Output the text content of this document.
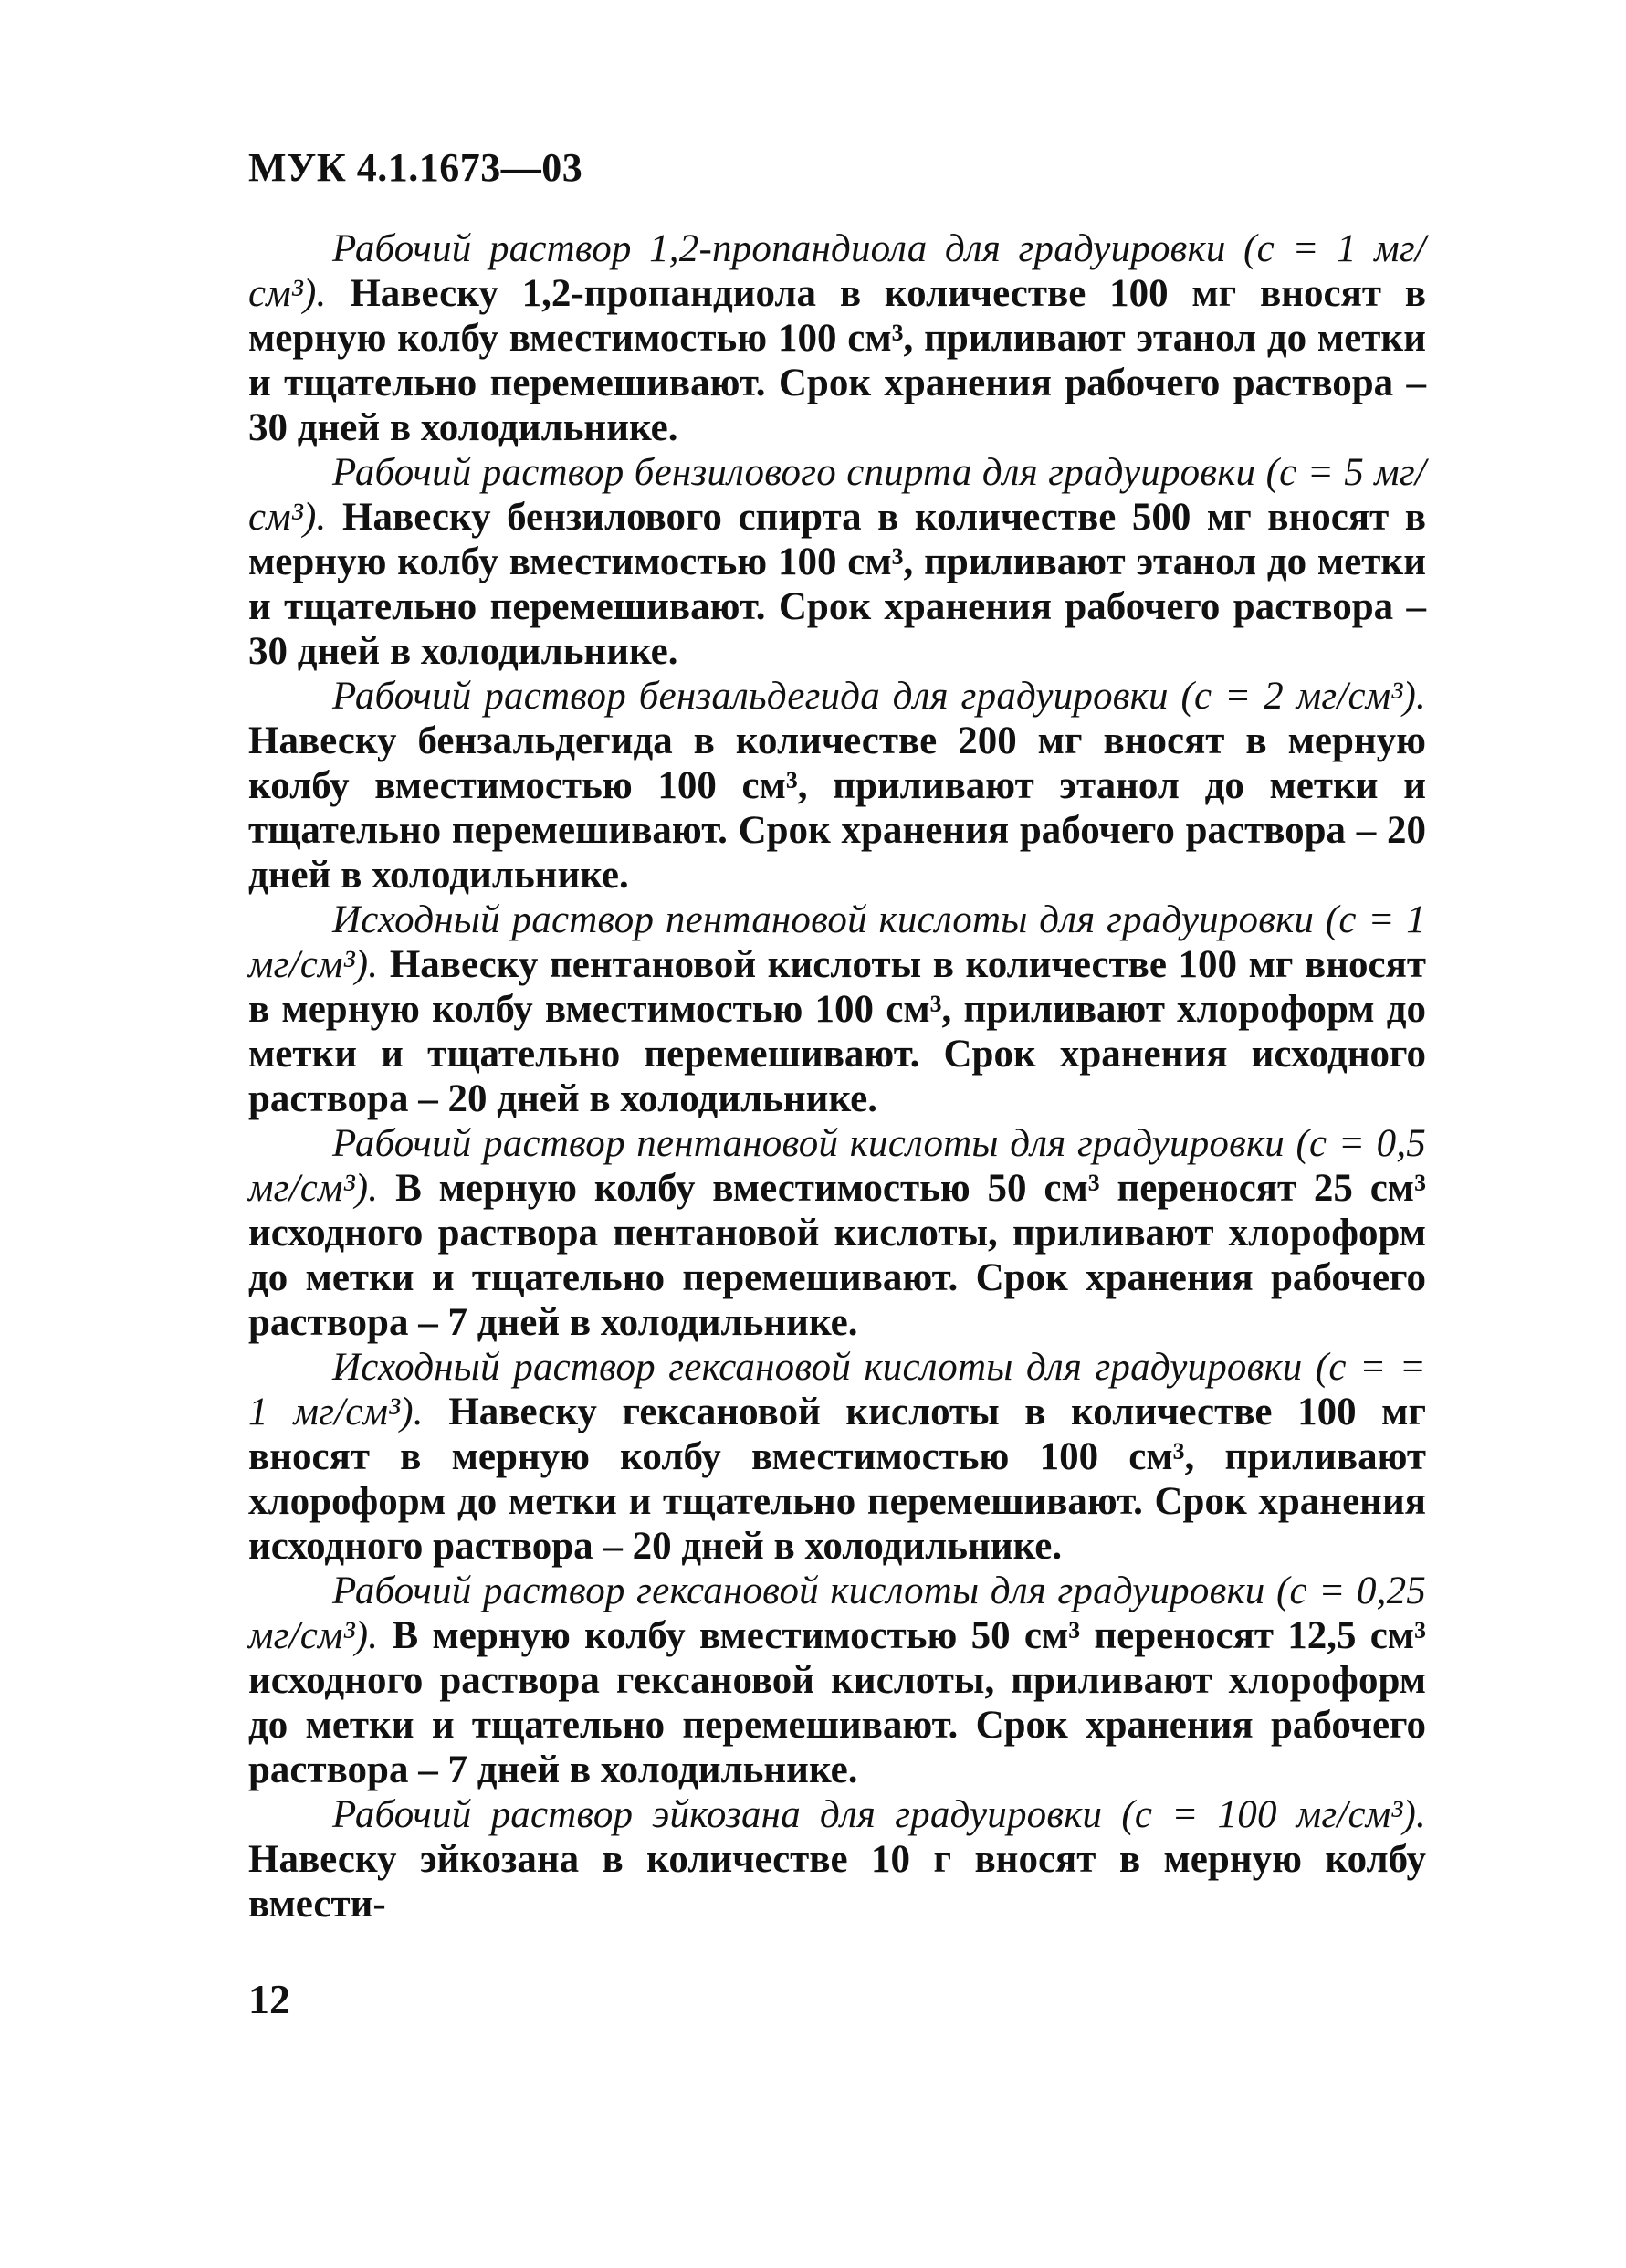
МУК 4.1.1673—03

Рабочий раствор 1,2-пропандиола для градуировки (с = 1 мг/см³). Навеску 1,2-пропандиола в количестве 100 мг вносят в мерную колбу вместимостью 100 см³, приливают этанол до метки и тщательно перемешивают. Срок хранения рабочего раствора – 30 дней в холодильнике.

Рабочий раствор бензилового спирта для градуировки (с = 5 мг/см³). Навеску бензилового спирта в количестве 500 мг вносят в мерную колбу вместимостью 100 см³, приливают этанол до метки и тщательно перемешивают. Срок хранения рабочего раствора – 30 дней в холодильнике.

Рабочий раствор бензальдегида для градуировки (с = 2 мг/см³). Навеску бензальдегида в количестве 200 мг вносят в мерную колбу вместимостью 100 см³, приливают этанол до метки и тщательно перемешивают. Срок хранения рабочего раствора – 20 дней в холодильнике.

Исходный раствор пентановой кислоты для градуировки (с = 1 мг/см³). Навеску пентановой кислоты в количестве 100 мг вносят в мерную колбу вместимостью 100 см³, приливают хлороформ до метки и тщательно перемешивают. Срок хранения исходного раствора – 20 дней в холодильнике.

Рабочий раствор пентановой кислоты для градуировки (с = 0,5 мг/см³). В мерную колбу вместимостью 50 см³ переносят 25 см³ исходного раствора пентановой кислоты, приливают хлороформ до метки и тщательно перемешивают. Срок хранения рабочего раствора – 7 дней в холодильнике.

Исходный раствор гексановой кислоты для градуировки (с = = 1 мг/см³). Навеску гексановой кислоты в количестве 100 мг вносят в мерную колбу вместимостью 100 см³, приливают хлороформ до метки и тщательно перемешивают. Срок хранения исходного раствора – 20 дней в холодильнике.

Рабочий раствор гексановой кислоты для градуировки (с = 0,25 мг/см³). В мерную колбу вместимостью 50 см³ переносят 12,5 см³ исходного раствора гексановой кислоты, приливают хлороформ до метки и тщательно перемешивают. Срок хранения рабочего раствора – 7 дней в холодильнике.

Рабочий раствор эйкозана для градуировки (с = 100 мг/см³). Навеску эйкозана в количестве 10 г вносят в мерную колбу вмести-

12
